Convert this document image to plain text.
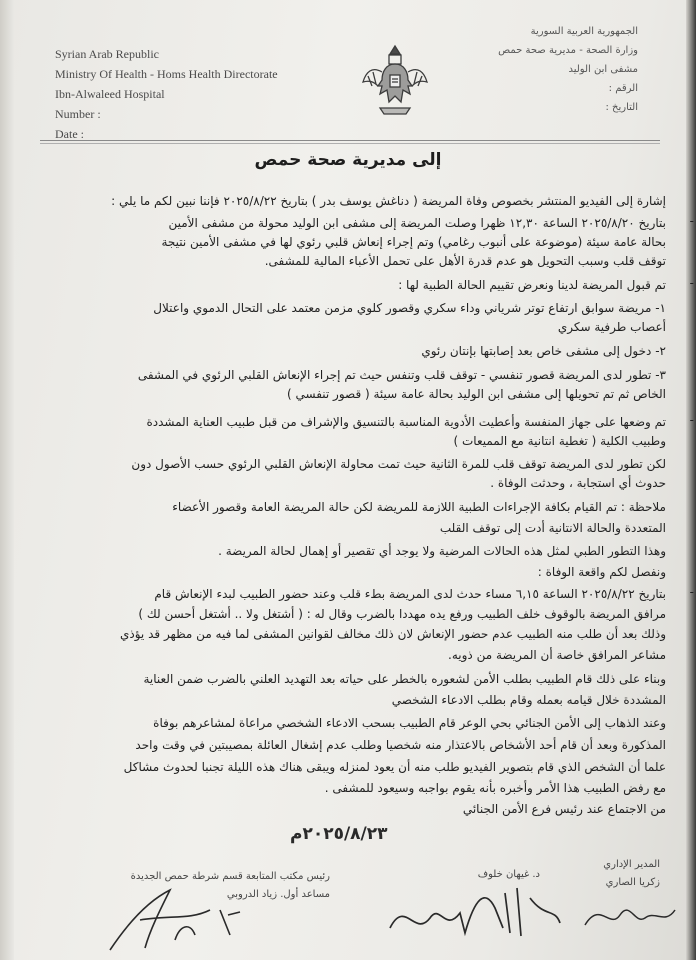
Syrian Arab Republic
Ministry Of Health - Homs Health Directorate
Ibn-Alwaleed Hospital
Number :
Date :
الجمهورية العربية السورية
وزارة الصحة - مديرية صحة حمص
مشفى ابن الوليد
الرقم :
التاريخ :
إلى مديرية صحة حمص
إشارة إلى الفيديو المنتشر بخصوص وفاة المريضة ( دناغش يوسف بدر ) بتاريخ ٢٠٢٥/٨/٢٢ فإننا نبين لكم ما يلي :
-
بتاريخ ٢٠٢٥/٨/٢٠ الساعة ١٢,٣٠ ظهرا وصلت المريضة إلى مشفى ابن الوليد محولة من مشفى الأمين
بحالة عامة سيئة (موضوعة على أنبوب رغامي) وتم إجراء إنعاش قلبي رئوي لها في مشفى الأمين نتيجة
توقف قلب وسبب التحويل هو عدم قدرة الأهل على تحمل الأعباء المالية للمشفى.
-
تم قبول المريضة لدينا ونعرض تقييم الحالة الطبية لها :
١- مريضة سوابق ارتفاع توتر شرياني وداء سكري وقصور كلوي مزمن معتمد على التحال الدموي واعتلال
أعصاب طرفية سكري
٢- دخول إلى مشفى خاص بعد إصابتها بإنتان رئوي
٣- تطور لدى المريضة قصور تنفسي - توقف قلب وتنفس حيث تم إجراء الإنعاش القلبي الرئوي في المشفى
الخاص ثم تم تحويلها إلى مشفى ابن الوليد بحالة عامة سيئة ( قصور تنفسي )
-
تم وضعها على جهاز المنفسة وأعطيت الأدوية المناسبة بالتنسيق والإشراف من قبل طبيب العناية المشددة
وطبيب الكلية ( تغطية انتانية مع المميعات )
لكن تطور لدى المريضة توقف قلب للمرة الثانية حيث تمت محاولة الإنعاش القلبي الرئوي حسب الأصول دون
حدوث أي استجابة ، وحدثت الوفاة .
ملاحظة : تم القيام بكافة الإجراءات الطبية اللازمة للمريضة لكن حالة المريضة العامة وقصور الأعضاء
المتعددة والحالة الانتانية أدت إلى توقف القلب
وهذا التطور الطبي لمثل هذه الحالات المرضية ولا يوجد أي تقصير أو إهمال لحالة المريضة .
ونفصل لكم واقعة الوفاة :
-
بتاريخ ٢٠٢٥/٨/٢٢ الساعة ٦,١٥ مساء حدث لدى المريضة بطء قلب وعند حضور الطبيب لبدء الإنعاش قام
مرافق المريضة بالوقوف خلف الطبيب ورفع يده مهددا بالضرب وقال له : ( أشتغل ولا .. أشتغل أحسن لك )
وذلك بعد أن طلب منه الطبيب عدم حضور الإنعاش لان ذلك مخالف لقوانين المشفى لما فيه من مظهر قد يؤذي
مشاعر المرافق خاصة أن المريضة من ذويه.
وبناء على ذلك قام الطبيب بطلب الأمن لشعوره بالخطر على حياته بعد التهديد العلني بالضرب ضمن العناية
المشددة خلال قيامه بعمله وقام بطلب الادعاء الشخصي
وعند الذهاب إلى الأمن الجنائي بحي الوعر قام الطبيب بسحب الادعاء الشخصي مراعاة لمشاعرهم بوفاة
المذكورة وبعد أن قام أحد الأشخاص بالاعتذار منه شخصيا وطلب عدم إشغال العائلة بمصيبتين في وقت واحد
علما أن الشخص الذي قام بتصوير الفيديو طلب منه أن يعود لمنزله ويبقى هناك هذه الليلة تجنبا لحدوث مشاكل
مع رفض الطبيب هذا الأمر وأخبره بأنه يقوم بواجبه وسيعود للمشفى .
من الاجتماع عند رئيس فرع الأمن الجنائي
٢٠٢٥/٨/٢٣م
رئيس مكتب المتابعة قسم شرطة حمص الجديدة
مساعد أول. زياد الدروبي
د. غيهان خلوف
المدير الإداري
زكريا الصاري
